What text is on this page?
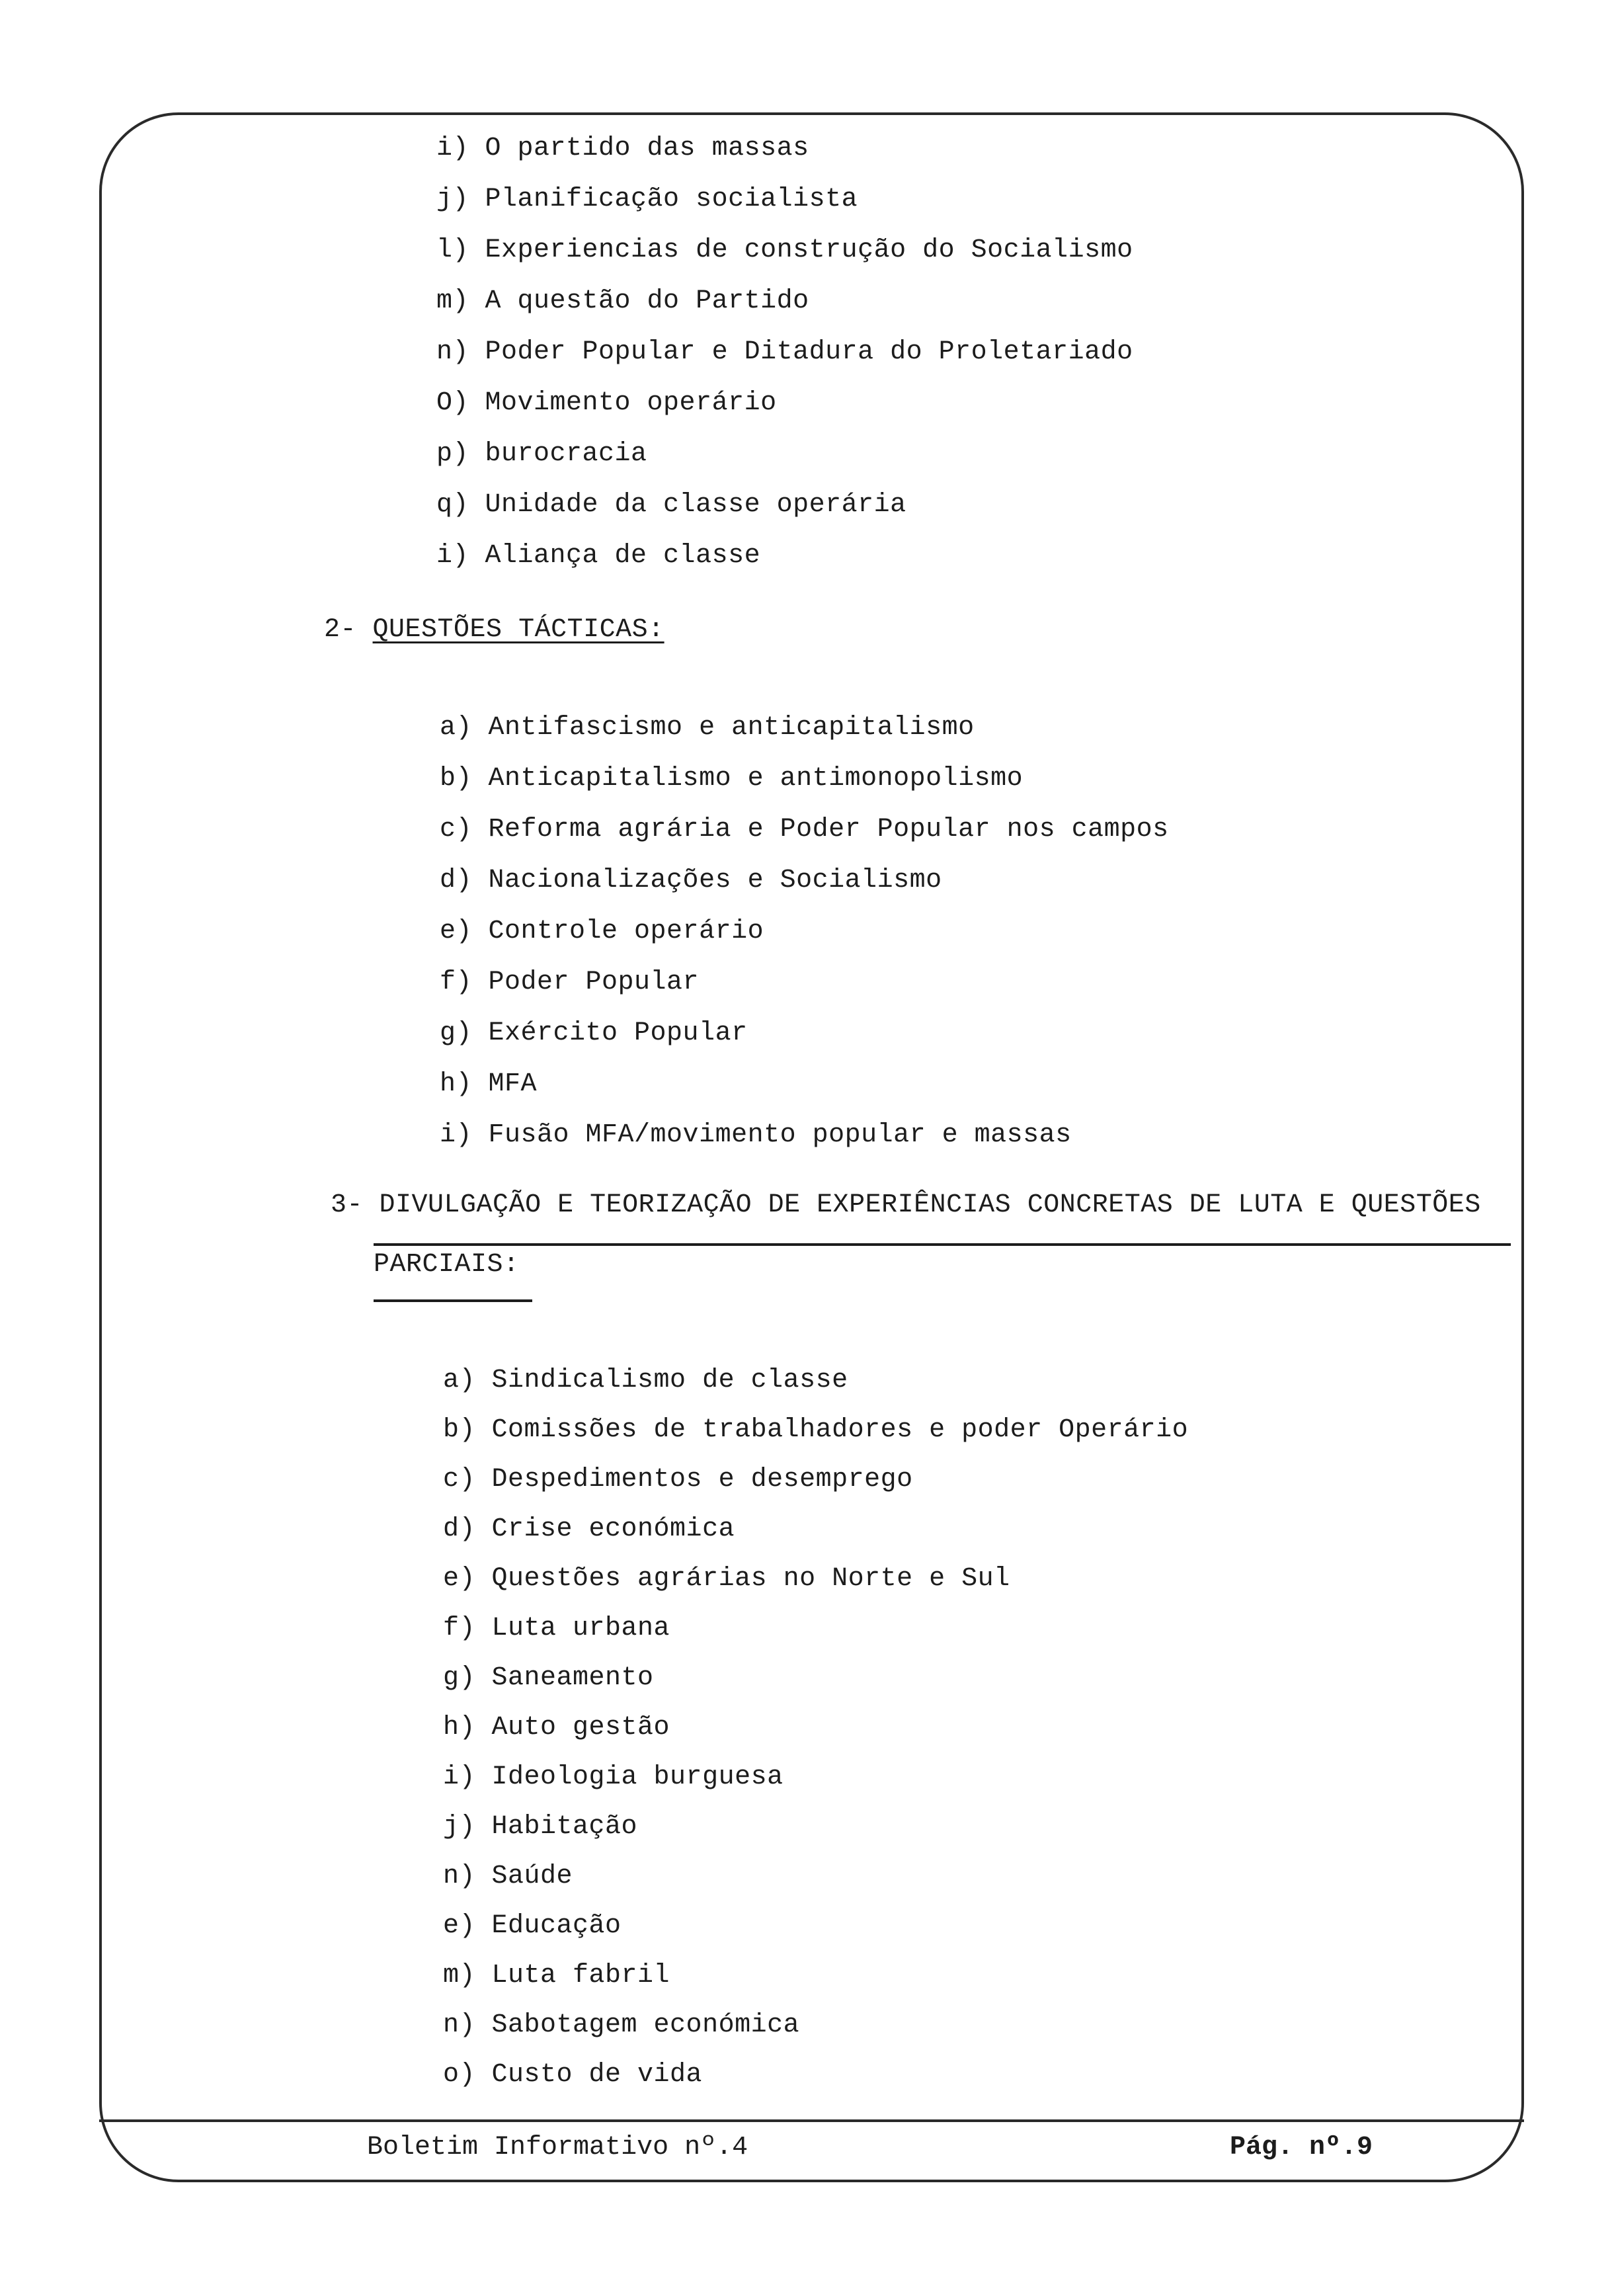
i) O partido das massas
j) Planificação socialista
l) Experiencias de construção do Socialismo
m) A questão do Partido
n) Poder Popular e Ditadura do Proletariado
O) Movimento operário
p) burocracia
q) Unidade da classe operária
i) Aliança de classe
2- QUESTÕES TÁCTICAS:
a) Antifascismo e anticapitalismo
b) Anticapitalismo e antimonopolismo
c) Reforma agrária e Poder Popular nos campos
d) Nacionalizações e Socialismo
e) Controle operário
f) Poder Popular
g) Exército Popular
h) MFA
i) Fusão MFA/movimento popular e massas
3- DIVULGAÇÃO E TEORIZAÇÃO DE EXPERIÊNCIAS CONCRETAS DE LUTA E QUESTÕES
PARCIAIS:
a) Sindicalismo de classe
b) Comissões de trabalhadores e poder Operário
c) Despedimentos e desemprego
d) Crise económica
e) Questões agrárias no Norte e Sul
f) Luta urbana
g) Saneamento
h) Auto gestão
i) Ideologia burguesa
j) Habitação
n) Saúde
e) Educação
m) Luta fabril
n) Sabotagem económica
o) Custo de vida
Boletim Informativo nº.4	Pág. nº.9
